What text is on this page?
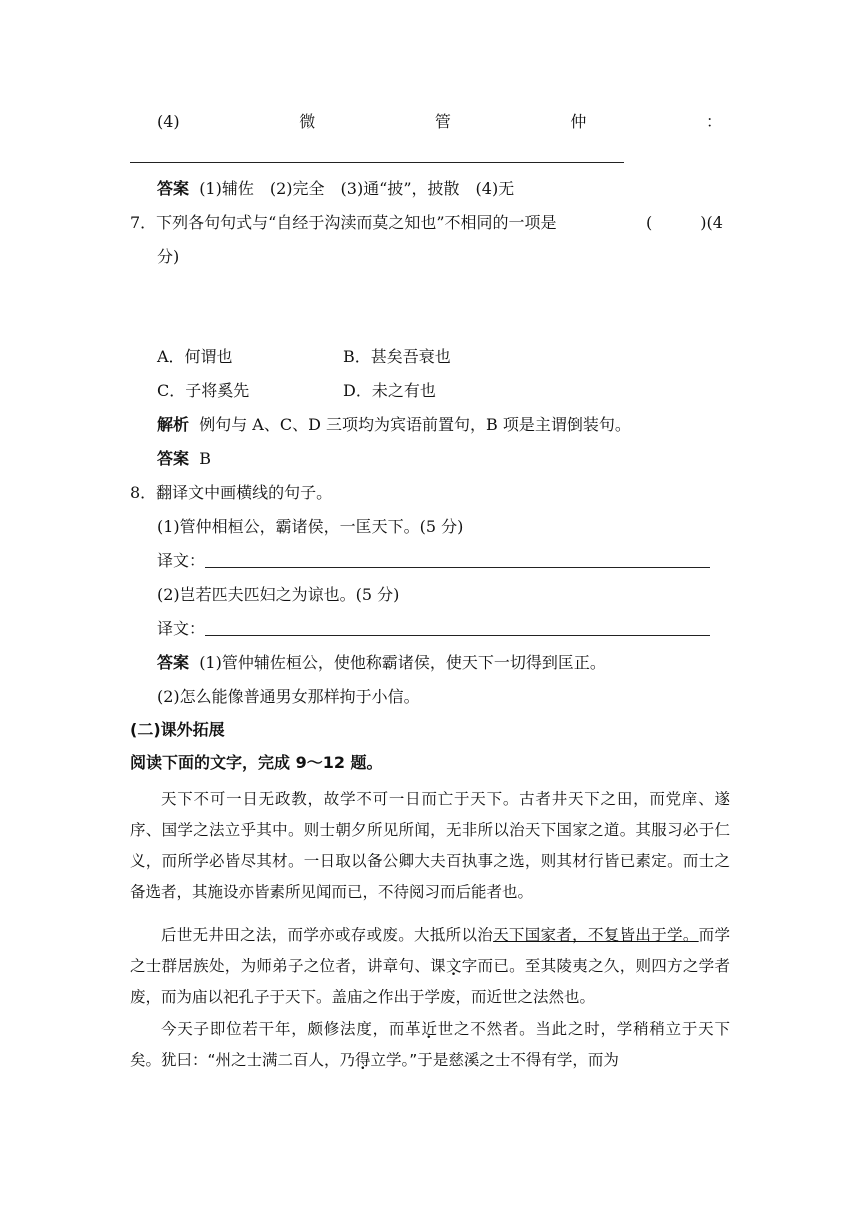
(4)	微	管	仲	：
答案 (1)辅佐　(2)完全　(3)通“披”，披散　(4)无
7．下列各句句式与“自经于沟渎而莫之知也”不相同的一项是	(　　　)(4
分)
A．何谓也	B．甚矣吾衰也
C．子将奚先	D．未之有也
解析 例句与 A、C、D 三项均为宾语前置句，B 项是主谓倒装句。
答案 B
8．翻译文中画横线的句子。
(1)管仲相桓公，霸诸侯，一匡天下。(5 分)
译文：
(2)岂若匹夫匹妇之为谅也。(5 分)
译文：
答案 (1)管仲辅佐桓公，使他称霸诸侯，使天下一切得到匡正。
(2)怎么能像普通男女那样拘于小信。
(二)课外拓展
阅读下面的文字，完成 9～12 题。

天下不可一日无政教，故学不可一日而亡于天下。古者井天下之田，而党庠、遂序、国学之法立乎其中。则士朝夕所见所闻，无非所以治天下国家之道。其服习必于仁义，而所学必皆尽其材。一日取以备公卿大夫百执事之选，则其材行皆已素定。而士之备选者，其施设亦皆素所见闻而已，不待阅习而后能者也。

后世无井田之法，而学亦或存或废。大抵所以治天下国家者，不复皆出于学。而学之士群居族处，为师弟子之位者，讲章句、课文字而已。至其陵夷之久，则四方之学者废，而为庙以祀孔子于天下。盖庙之作出于学废，而近世之法然也。

今天子即位若干年，颇修法度，而革近世之不然者。当此之时，学稍稍立于天下矣。犹曰：“州之士满二百人，乃得立学。”于是慈溪之士不得有学，而为
